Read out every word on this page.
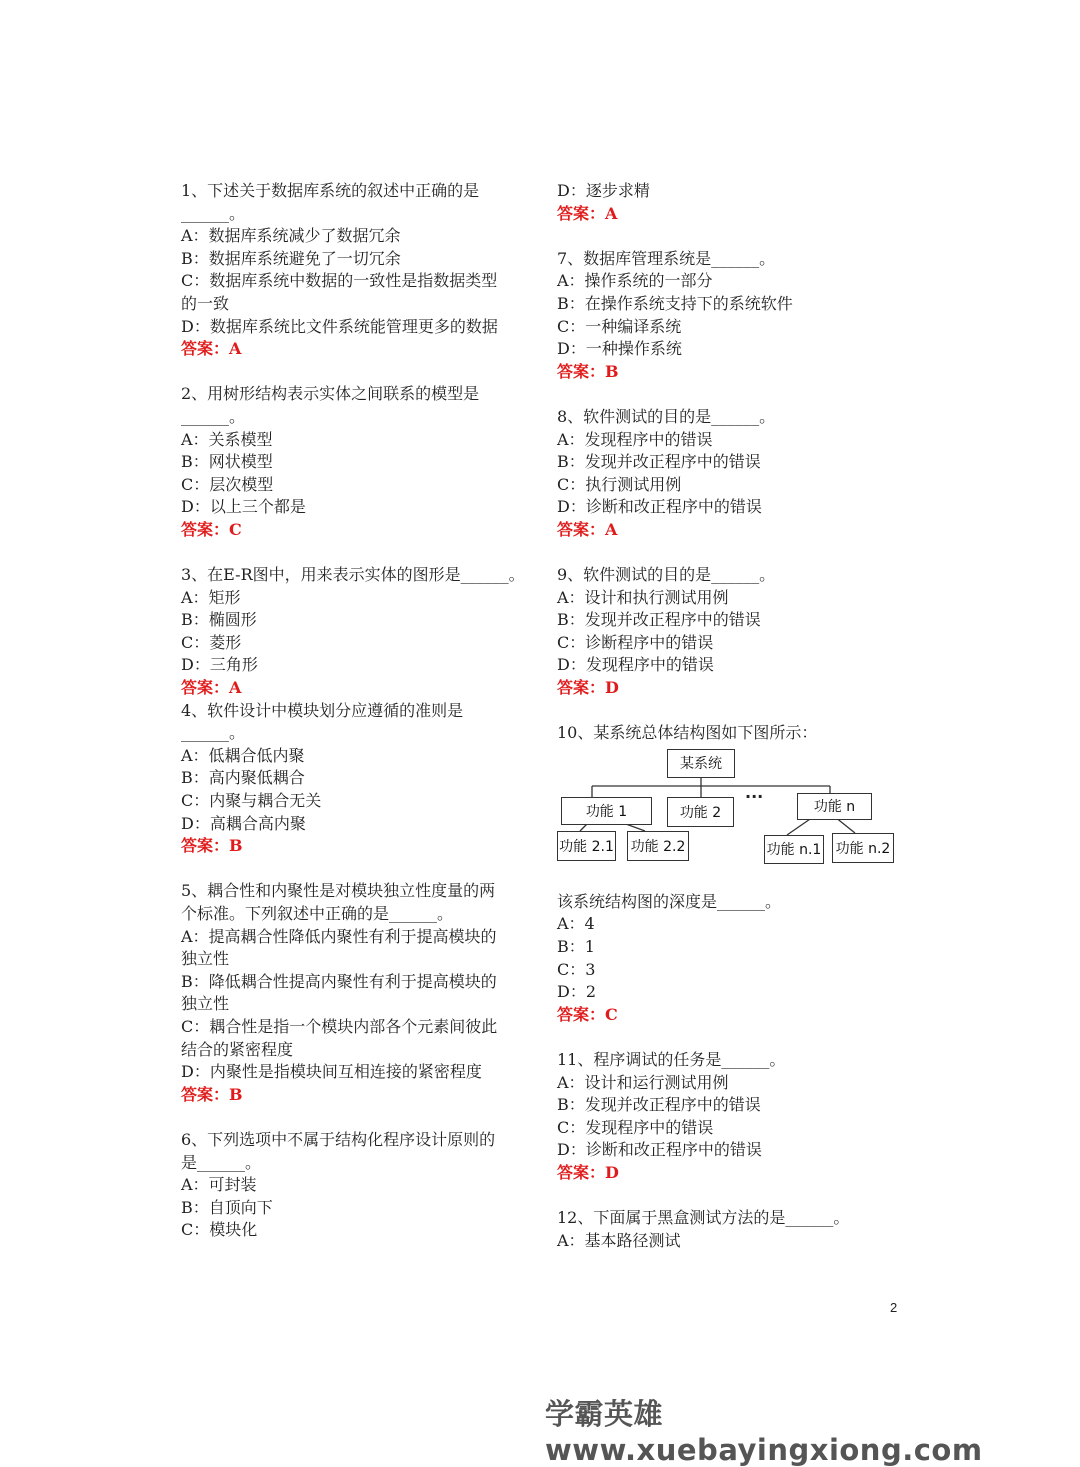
1、下述关于数据库系统的叙述中正确的是
______。
A：数据库系统减少了数据冗余
B：数据库系统避免了一切冗余
C：数据库系统中数据的一致性是指数据类型
的一致
D：数据库系统比文件系统能管理更多的数据
答案：A
2、用树形结构表示实体之间联系的模型是
______。
A：关系模型
B：网状模型
C：层次模型
D：以上三个都是
答案：C
3、在E-R图中，用来表示实体的图形是______。
A：矩形
B：椭圆形
C：菱形
D：三角形
答案：A
4、软件设计中模块划分应遵循的准则是
______。
A：低耦合低内聚
B：高内聚低耦合
C：内聚与耦合无关
D：高耦合高内聚
答案：B
5、耦合性和内聚性是对模块独立性度量的两
个标准。下列叙述中正确的是______。
A：提高耦合性降低内聚性有利于提高模块的
独立性
B：降低耦合性提高内聚性有利于提高模块的
独立性
C：耦合性是指一个模块内部各个元素间彼此
结合的紧密程度
D：内聚性是指模块间互相连接的紧密程度
答案：B
6、下列选项中不属于结构化程序设计原则的
是______。
A：可封装
B：自顶向下
C：模块化
D：逐步求精
答案：A
7、数据库管理系统是______。
A：操作系统的一部分
B：在操作系统支持下的系统软件
C：一种编译系统
D：一种操作系统
答案：B
8、软件测试的目的是______。
A：发现程序中的错误
B：发现并改正程序中的错误
C：执行测试用例
D：诊断和改正程序中的错误
答案：A
9、软件测试的目的是______。
A：设计和执行测试用例
B：发现并改正程序中的错误
C：诊断程序中的错误
D：发现程序中的错误
答案：D
10、某系统总体结构图如下图所示：
某系统
功能 1	功能 2
···
功能 n
功能 2.1 功能 2.2	功能 n.1 功能 n.2
该系统结构图的深度是______。
A：4
B：1
C：3
D：2
答案：C
11、程序调试的任务是______。
A：设计和运行测试用例
B：发现并改正程序中的错误
C：发现程序中的错误
D：诊断和改正程序中的错误
答案：D
12、下面属于黑盒测试方法的是______。
A：基本路径测试
2
学霸英雄 www.xuebayingxiong.com
